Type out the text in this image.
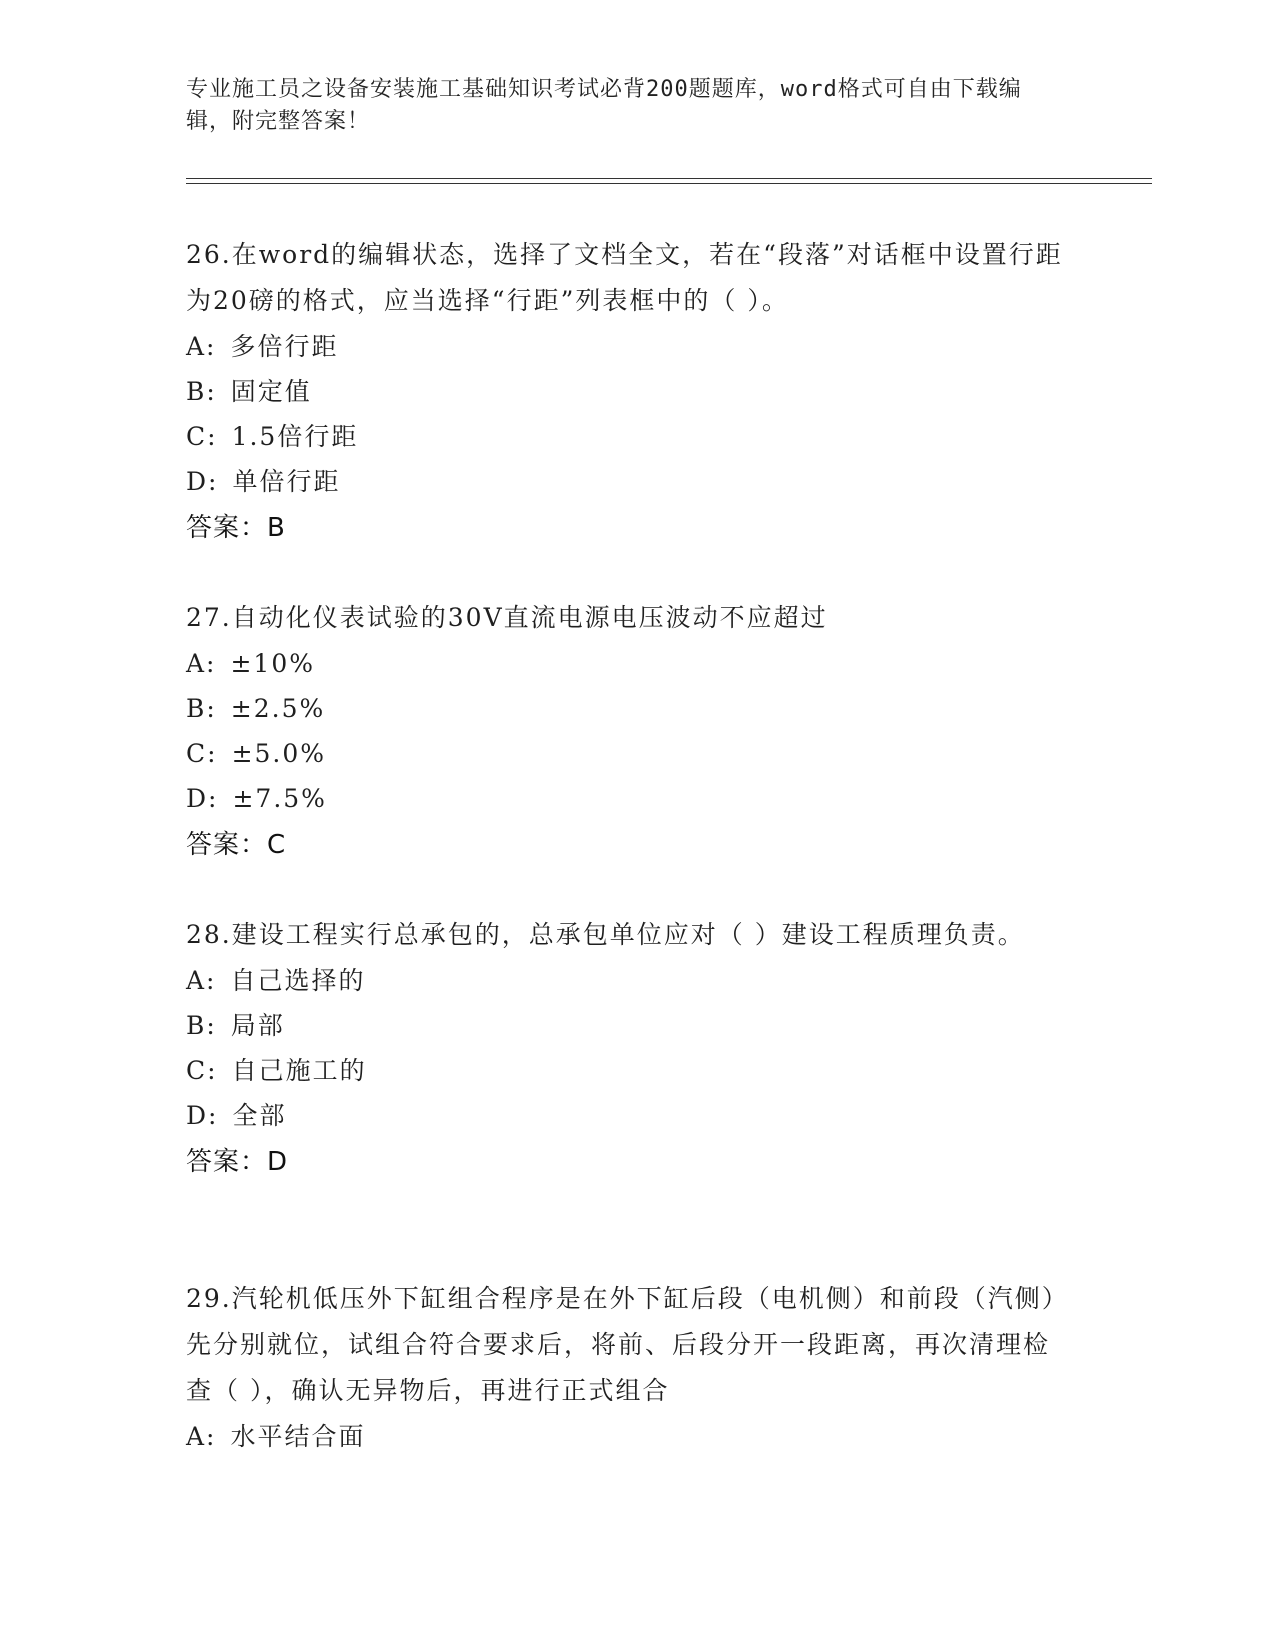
专业施工员之设备安装施工基础知识考试必背200题题库，word格式可自由下载编辑，附完整答案！

26.在word的编辑状态，选择了文档全文，若在“段落”对话框中设置行距为20磅的格式，应当选择“行距”列表框中的（ ）。

A: 多倍行距
B: 固定值
C: 1.5倍行距
D: 单倍行距
答案：B

27.自动化仪表试验的30V直流电源电压波动不应超过

A: ±10%
B: ±2.5%
C: ±5.0%
D: ±7.5%
答案：C

28.建设工程实行总承包的，总承包单位应对（ ）建设工程质理负责。

A: 自己选择的
B: 局部
C: 自己施工的
D: 全部
答案：D

29.汽轮机低压外下缸组合程序是在外下缸后段（电机侧）和前段（汽侧）先分别就位，试组合符合要求后，将前、后段分开一段距离，再次清理检查（ ），确认无异物后，再进行正式组合

A: 水平结合面
